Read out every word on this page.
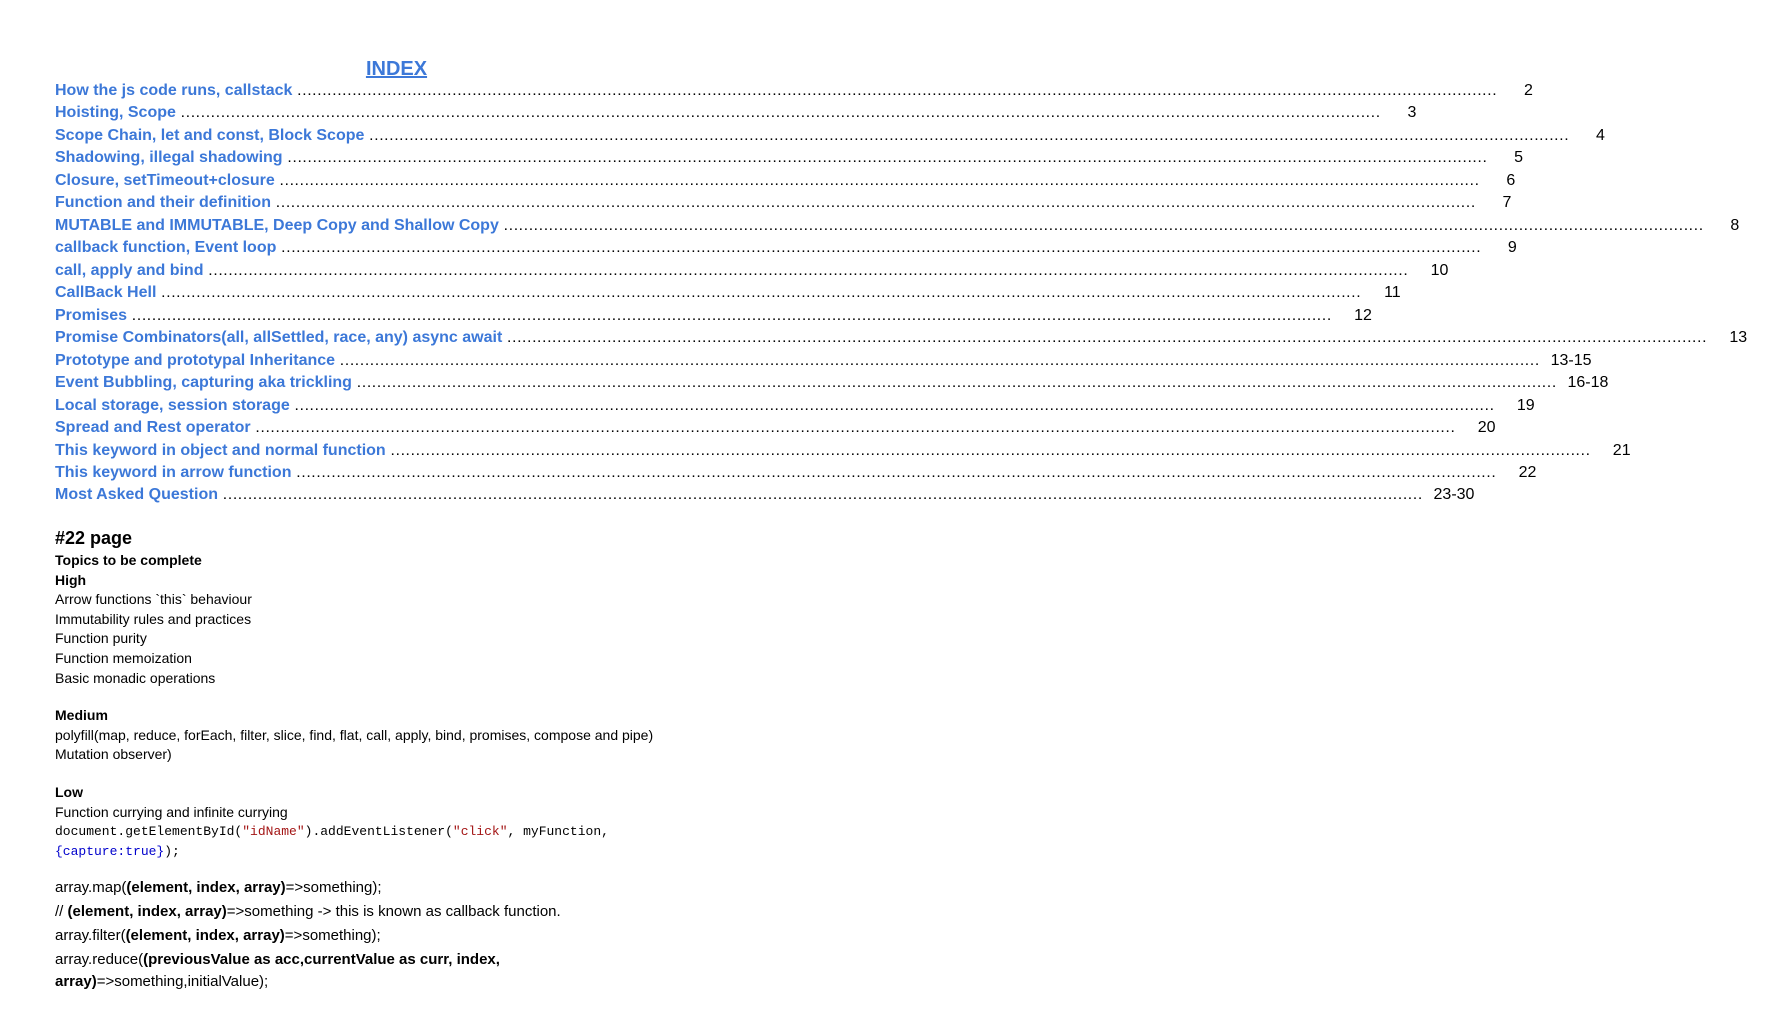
INDEX
How the js code runs, callstack ……………………………………………………………………………………………………………………………………………………………………………………………………………………	2
Hoisting, Scope ……………………………………………………………………………………………………………………………………………………………………………………………………………………	3
Scope Chain, let and const, Block Scope ……………………………………………………………………………………………………………………………………………………………………………………………………………………	4
Shadowing, illegal shadowing ……………………………………………………………………………………………………………………………………………………………………………………………………………………	5
Closure, setTimeout+closure ……………………………………………………………………………………………………………………………………………………………………………………………………………………	6
Function and their definition ……………………………………………………………………………………………………………………………………………………………………………………………………………………	7
MUTABLE and IMMUTABLE, Deep Copy and Shallow Copy ……………………………………………………………………………………………………………………………………………………………………………………………………………………	8
callback function, Event loop ……………………………………………………………………………………………………………………………………………………………………………………………………………………	9
call, apply and bind ……………………………………………………………………………………………………………………………………………………………………………………………………………………	10
CallBack Hell ……………………………………………………………………………………………………………………………………………………………………………………………………………………	11
Promises ……………………………………………………………………………………………………………………………………………………………………………………………………………………	12
Promise Combinators(all, allSettled, race, any) async await ……………………………………………………………………………………………………………………………………………………………………………………………………………………	13
Prototype and prototypal Inheritance …………………………………………………………………………………………………………………………………………………………………………………………………………………… 13-15
Event Bubbling, capturing aka trickling …………………………………………………………………………………………………………………………………………………………………………………………………………………… 16-18
Local storage, session storage ……………………………………………………………………………………………………………………………………………………………………………………………………………………	19
Spread and Rest operator ……………………………………………………………………………………………………………………………………………………………………………………………………………………	20
This keyword in object and normal function ……………………………………………………………………………………………………………………………………………………………………………………………………………………	21
This keyword in arrow function ……………………………………………………………………………………………………………………………………………………………………………………………………………………	22
Most Asked Question …………………………………………………………………………………………………………………………………………………………………………………………………………………… 23-30
#22 page
Topics to be complete
High
Arrow functions `this` behaviour
Immutability rules and practices
Function purity
Function memoization
Basic monadic operations
Medium
polyfill(map, reduce, forEach, filter, slice, find, flat, call, apply, bind, promises, compose and pipe)
Mutation observer)
Low
Function currying and infinite currying
document.getElementById("idName").addEventListener("click", myFunction,
{capture:true});
array.map((element, index, array)=>something);
// (element, index, array)=>something -> this is known as callback function.
array.filter((element, index, array)=>something);
array.reduce((previousValue as acc,currentValue as curr, index,
array)=>something,initialValue);
